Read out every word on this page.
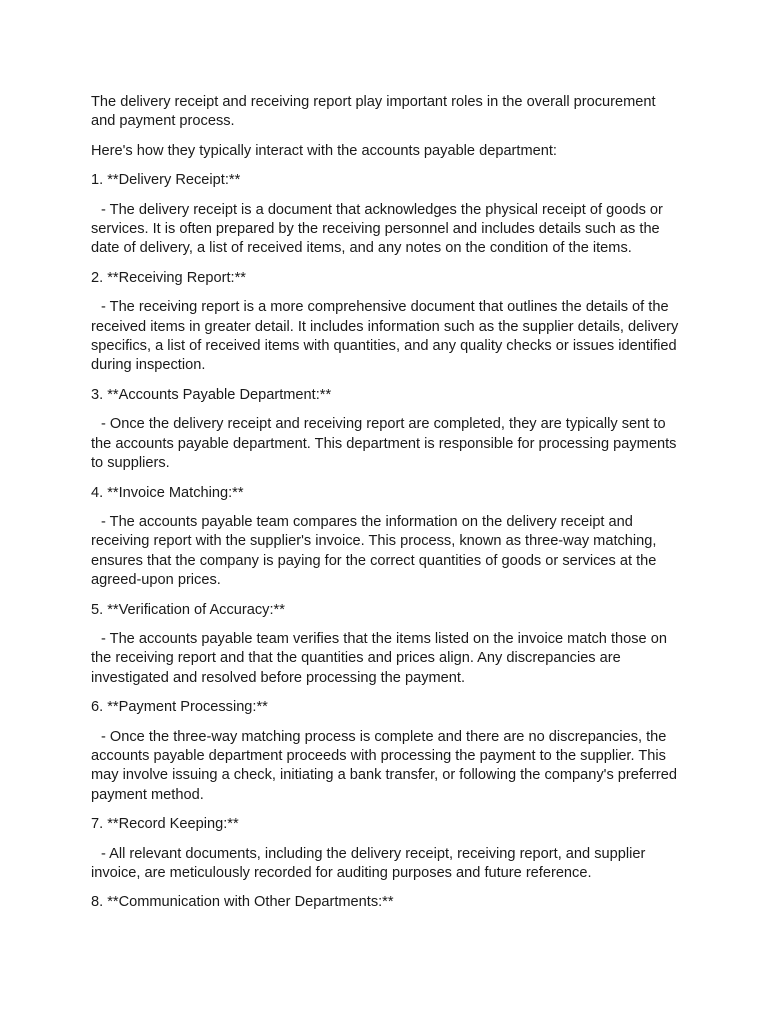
The delivery receipt and receiving report play important roles in the overall procurement and payment process.

Here's how they typically interact with the accounts payable department:

1. **Delivery Receipt:**

- The delivery receipt is a document that acknowledges the physical receipt of goods or services. It is often prepared by the receiving personnel and includes details such as the date of delivery, a list of received items, and any notes on the condition of the items.

2. **Receiving Report:**

- The receiving report is a more comprehensive document that outlines the details of the received items in greater detail. It includes information such as the supplier details, delivery specifics, a list of received items with quantities, and any quality checks or issues identified during inspection.

3. **Accounts Payable Department:**

- Once the delivery receipt and receiving report are completed, they are typically sent to the accounts payable department. This department is responsible for processing payments to suppliers.

4. **Invoice Matching:**

- The accounts payable team compares the information on the delivery receipt and receiving report with the supplier's invoice. This process, known as three-way matching, ensures that the company is paying for the correct quantities of goods or services at the agreed-upon prices.

5. **Verification of Accuracy:**

- The accounts payable team verifies that the items listed on the invoice match those on the receiving report and that the quantities and prices align. Any discrepancies are investigated and resolved before processing the payment.

6. **Payment Processing:**

- Once the three-way matching process is complete and there are no discrepancies, the accounts payable department proceeds with processing the payment to the supplier. This may involve issuing a check, initiating a bank transfer, or following the company's preferred payment method.

7. **Record Keeping:**

- All relevant documents, including the delivery receipt, receiving report, and supplier invoice, are meticulously recorded for auditing purposes and future reference.

8. **Communication with Other Departments:**
